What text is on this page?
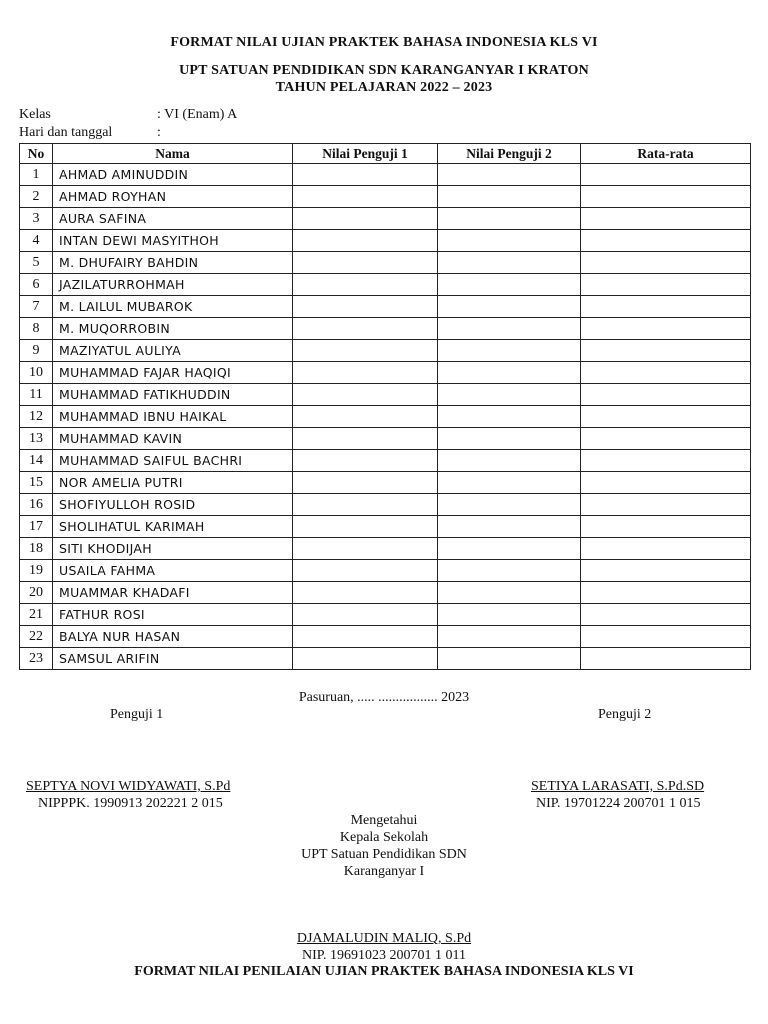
FORMAT NILAI UJIAN PRAKTEK BAHASA INDONESIA KLS VI
UPT SATUAN PENDIDIKAN SDN KARANGANYAR I KRATON
TAHUN PELAJARAN 2022 – 2023
Kelas	: VI (Enam) A
Hari dan tanggal	:
No	Nama	Nilai Penguji 1	Nilai Penguji 2	Rata-rata
1	AHMAD AMINUDDIN			
2	AHMAD ROYHAN			
3	AURA SAFINA			
4	INTAN DEWI MASYITHOH			
5	M. DHUFAIRY BAHDIN			
6	JAZILATURROHMAH			
7	M. LAILUL MUBAROK			
8	M. MUQORROBIN			
9	MAZIYATUL AULIYA			
10	MUHAMMAD FAJAR HAQIQI			
11	MUHAMMAD FATIKHUDDIN			
12	MUHAMMAD IBNU HAIKAL			
13	MUHAMMAD KAVIN			
14	MUHAMMAD SAIFUL BACHRI			
15	NOR AMELIA PUTRI			
16	SHOFIYULLOH ROSID			
17	SHOLIHATUL KARIMAH			
18	SITI KHODIJAH			
19	USAILA FAHMA			
20	MUAMMAR KHADAFI			
21	FATHUR ROSI			
22	BALYA NUR HASAN			
23	SAMSUL ARIFIN			
Pasuruan, ..... ................. 2023
Penguji 1	Penguji 2
SEPTYA NOVI WIDYAWATI, S.Pd
NIPPPK. 1990913 202221 2 015
SETIYA LARASATI, S.Pd.SD
NIP. 19701224 200701 1 015
Mengetahui
Kepala Sekolah
UPT Satuan Pendidikan SDN
Karanganyar I
DJAMALUDIN MALIQ, S.Pd
NIP. 19691023 200701 1 011
FORMAT NILAI PENILAIAN UJIAN PRAKTEK BAHASA INDONESIA KLS VI
